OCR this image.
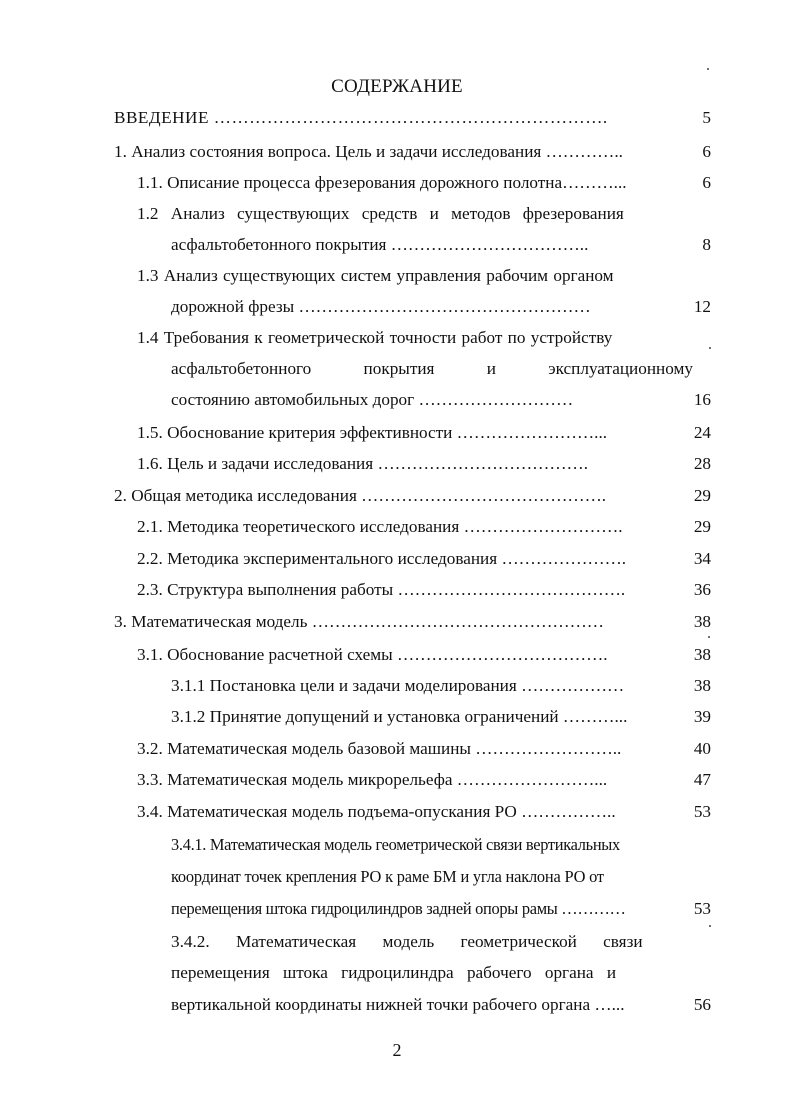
СОДЕРЖАНИЕ
ВВЕДЕНИЕ ………………………………………………………….	5
1. Анализ состояния вопроса. Цель и задачи исследования …………..	6
1.1. Описание процесса фрезерования дорожного полотна………...	6
1.2 Анализ существующих средств и методов фрезерования
асфальтобетонного покрытия ……………………………..	8
1.3 Анализ существующих систем управления рабочим органом
дорожной фрезы ……………………………………………	12
1.4 Требования к геометрической точности работ по устройству
асфальтобетонного покрытия и эксплуатационному
состоянию автомобильных дорог ………………………	16
1.5. Обоснование критерия эффективности ……………………...	24
1.6. Цель и задачи исследования ……………………………….	28
2. Общая методика исследования …………………………………….	29
2.1. Методика теоретического исследования ……………………….	29
2.2. Методика экспериментального исследования ………………….	34
2.3. Структура выполнения работы ………………………………….	36
3. Математическая модель ……………………………………………	38
3.1. Обоснование расчетной схемы ……………………………….	38
3.1.1 Постановка цели и задачи моделирования ………………	38
3.1.2 Принятие допущений и установка ограничений ………...	39
3.2. Математическая модель базовой машины ……………………..	40
3.3. Математическая модель микрорельефа ……………………...	47
3.4. Математическая модель подъема-опускания РО ……………..	53
3.4.1. Математическая модель геометрической связи вертикальных
координат точек крепления РО к раме БМ и угла наклона РО от
перемещения штока гидроцилиндров задней опоры рамы …………	53
3.4.2. Математическая модель геометрической связи
перемещения штока гидроцилиндра рабочего органа и
вертикальной координаты нижней точки рабочего органа …...	56
2
